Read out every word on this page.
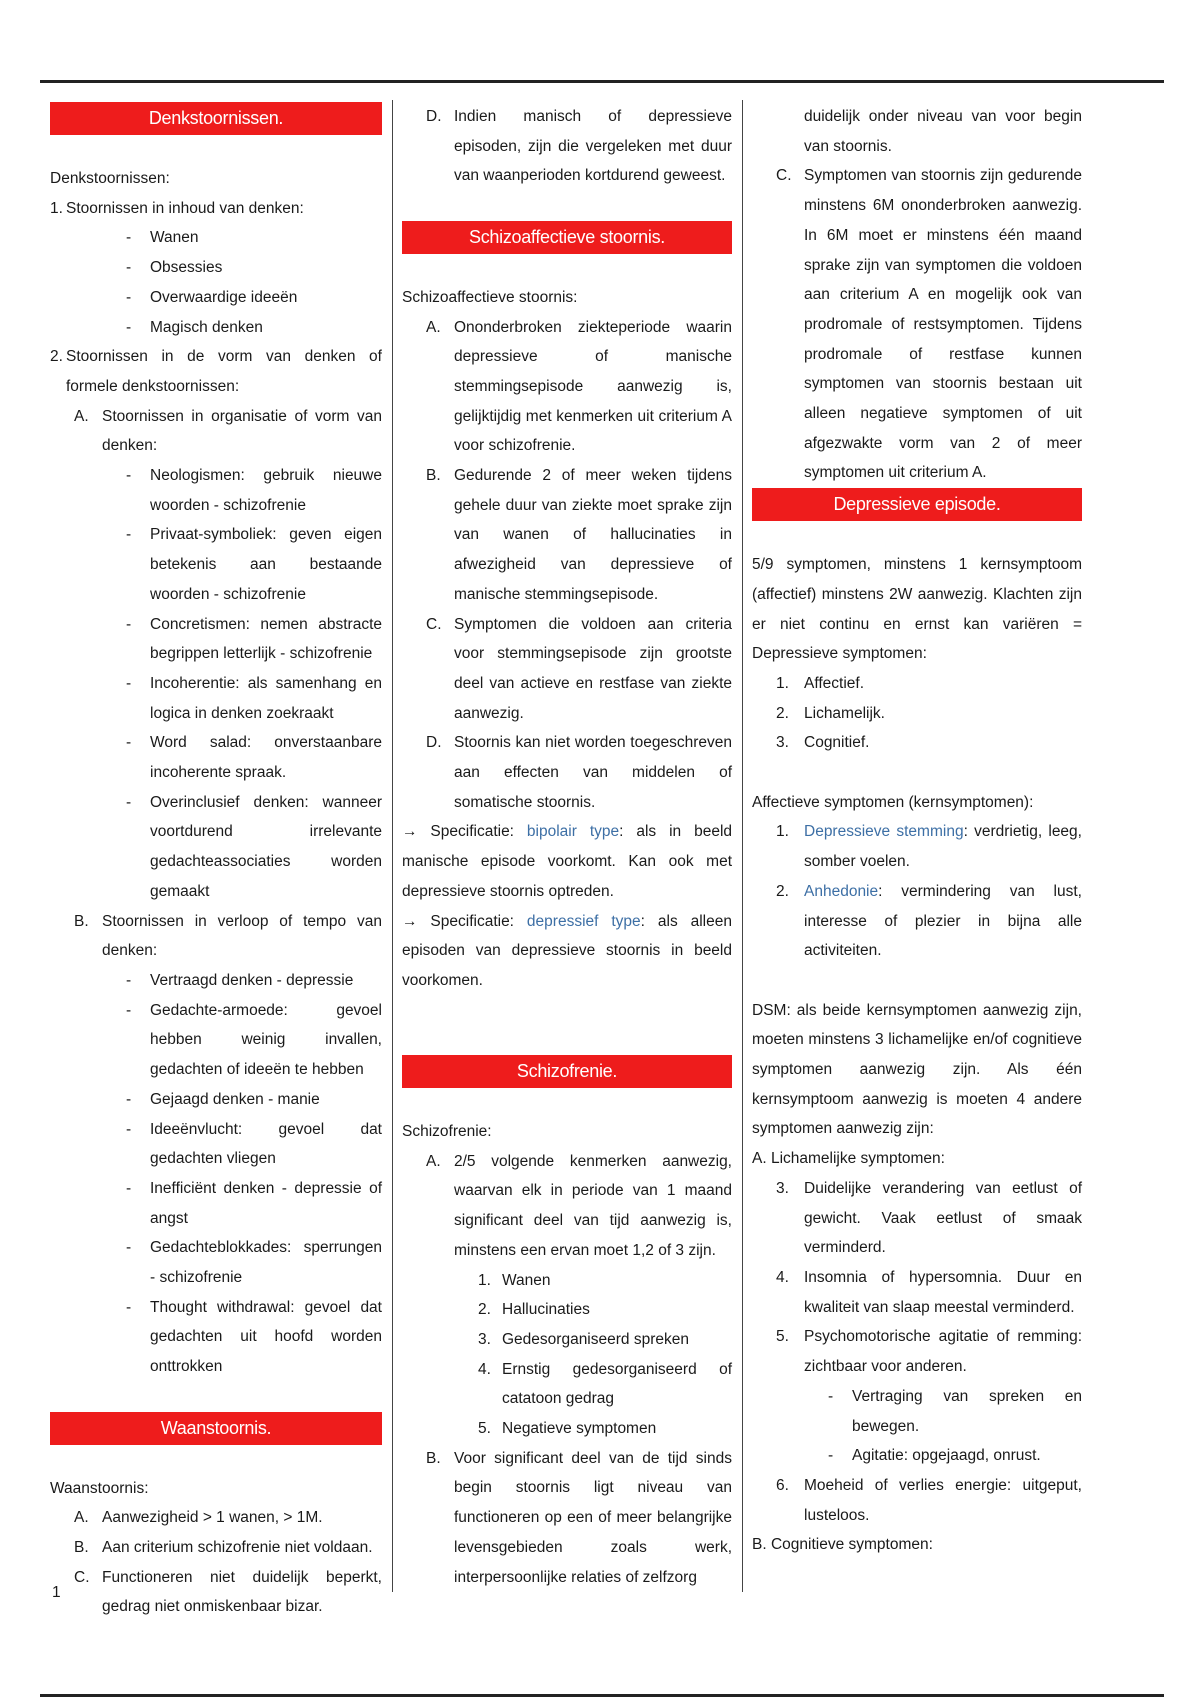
Denkstoornissen.
Denkstoornissen:
1. Stoornissen in inhoud van denken:
-	Wanen
-	Obsessies
-	Overwaardige ideeën
-	Magisch denken
2. Stoornissen in de vorm van denken of formele denkstoornissen:
A. Stoornissen in organisatie of vorm van denken:
-	Neologismen: gebruik nieuwe woorden - schizofrenie
-	Privaat-symboliek: geven eigen betekenis aan bestaande woorden - schizofrenie
-	Concretismen: nemen abstracte begrippen letterlijk - schizofrenie
-	Incoherentie: als samenhang en logica in denken zoekraakt
-	Word salad: onverstaanbare incoherente spraak.
-	Overinclusief denken: wanneer voortdurend irrelevante gedachteassociaties worden gemaakt
B. Stoornissen in verloop of tempo van denken:
-	Vertraagd denken - depressie
-	Gedachte-armoede: gevoel hebben weinig invallen, gedachten of ideeën te hebben
-	Gejaagd denken - manie
-	Ideeënvlucht: gevoel dat gedachten vliegen
-	Inefficiënt denken - depressie of angst
-	Gedachteblokkades: sperrungen - schizofrenie
-	Thought withdrawal: gevoel dat gedachten uit hoofd worden onttrokken
Waanstoornis.
Waanstoornis:
A. Aanwezigheid > 1 wanen, > 1M.
B. Aan criterium schizofrenie niet voldaan.
C. Functioneren niet duidelijk beperkt, gedrag niet onmiskenbaar bizar.
D. Indien manisch of depressieve episoden, zijn die vergeleken met duur van waanperioden kortdurend geweest.
Schizoaffectieve stoornis.
Schizoaffectieve stoornis:
A. Ononderbroken ziekteperiode waarin depressieve of manische stemmingsepisode aanwezig is, gelijktijdig met kenmerken uit criterium A voor schizofrenie.
B. Gedurende 2 of meer weken tijdens gehele duur van ziekte moet sprake zijn van wanen of hallucinaties in afwezigheid van depressieve of manische stemmingsepisode.
C. Symptomen die voldoen aan criteria voor stemmingsepisode zijn grootste deel van actieve en restfase van ziekte aanwezig.
D. Stoornis kan niet worden toegeschreven aan effecten van middelen of somatische stoornis.
→ Specificatie: bipolair type: als in beeld manische episode voorkomt. Kan ook met depressieve stoornis optreden.
→ Specificatie: depressief type: als alleen episoden van depressieve stoornis in beeld voorkomen.
Schizofrenie.
Schizofrenie:
A. 2/5 volgende kenmerken aanwezig, waarvan elk in periode van 1 maand significant deel van tijd aanwezig is, minstens een ervan moet 1,2 of 3 zijn.
1. Wanen
2. Hallucinaties
3. Gedesorganiseerd spreken
4. Ernstig gedesorganiseerd of catatoon gedrag
5. Negatieve symptomen
B. Voor significant deel van de tijd sinds begin stoornis ligt niveau van functioneren op een of meer belangrijke levensgebieden zoals werk, interpersoonlijke relaties of zelfzorg
duidelijk onder niveau van voor begin van stoornis.
C. Symptomen van stoornis zijn gedurende minstens 6M ononderbroken aanwezig. In 6M moet er minstens één maand sprake zijn van symptomen die voldoen aan criterium A en mogelijk ook van prodromale of restsymptomen. Tijdens prodromale of restfase kunnen symptomen van stoornis bestaan uit alleen negatieve symptomen of uit afgezwakte vorm van 2 of meer symptomen uit criterium A.
Depressieve episode.
5/9 symptomen, minstens 1 kernsymptoom (affectief) minstens 2W aanwezig. Klachten zijn er niet continu en ernst kan variëren = Depressieve symptomen:
1. Affectief.
2. Lichamelijk.
3. Cognitief.
Affectieve symptomen (kernsymptomen):
1. Depressieve stemming: verdrietig, leeg, somber voelen.
2. Anhedonie: vermindering van lust, interesse of plezier in bijna alle activiteiten.
DSM: als beide kernsymptomen aanwezig zijn, moeten minstens 3 lichamelijke en/of cognitieve symptomen aanwezig zijn. Als één kernsymptoom aanwezig is moeten 4 andere symptomen aanwezig zijn:
A. Lichamelijke symptomen:
3. Duidelijke verandering van eetlust of gewicht. Vaak eetlust of smaak verminderd.
4. Insomnia of hypersomnia. Duur en kwaliteit van slaap meestal verminderd.
5. Psychomotorische agitatie of remming: zichtbaar voor anderen.
-	Vertraging van spreken en bewegen.
-	Agitatie: opgejaagd, onrust.
6. Moeheid of verlies energie: uitgeput, lusteloos.
B. Cognitieve symptomen:
1
